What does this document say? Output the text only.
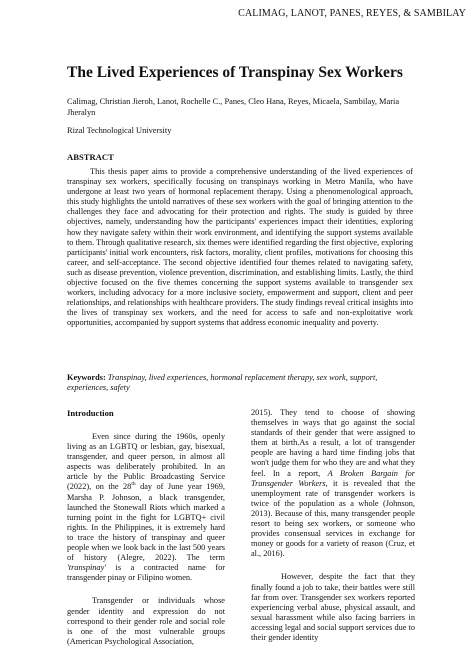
CALIMAG, LANOT, PANES, REYES, & SAMBILAY
The Lived Experiences of Transpinay Sex Workers
Calimag, Christian Jieroh, Lanot, Rochelle C., Panes, Cleo Hana, Reyes, Micaela, Sambilay, Maria Jheralyn
Rizal Technological University
ABSTRACT
This thesis paper aims to provide a comprehensive understanding of the lived experiences of transpinay sex workers, specifically focusing on transpinays working in Metro Manila, who have undergone at least two years of hormonal replacement therapy. Using a phenomenological approach, this study highlights the untold narratives of these sex workers with the goal of bringing attention to the challenges they face and advocating for their protection and rights. The study is guided by three objectives, namely, understanding how the participants' experiences impact their identities, exploring how they navigate safety within their work environment, and identifying the support systems available to them. Through qualitative research, six themes were identified regarding the first objective, exploring participants' initial work encounters, risk factors, morality, client profiles, motivations for choosing this career, and self-acceptance. The second objective identified four themes related to navigating safety, such as disease prevention, violence prevention, discrimination, and establishing limits. Lastly, the third objective focused on the five themes concerning the support systems available to transgender sex workers, including advocacy for a more inclusive society, empowerment and support, client and peer relationships, and relationships with healthcare providers. The study findings reveal critical insights into the lives of transpinay sex workers, and the need for access to safe and non-exploitative work opportunities, accompanied by support systems that address economic inequality and poverty.
Keywords: Transpinay, lived experiences, hormonal replacement therapy, sex work, support, experiences, safety
Introduction

Even since during the 1960s, openly living as an LGBTQ or lesbian, gay, bisexual, transgender, and queer person, in almost all aspects was deliberately prohibited. In an article by the Public Broadcasting Service (2022), on the 28th day of June year 1969, Marsha P. Johnson, a black transgender, launched the Stonewall Riots which marked a turning point in the fight for LGBTQ+ civil rights. In the Philippines, it is extremely hard to trace the history of transpinay and queer people when we look back in the last 500 years of history (Alegre, 2022). The term 'transpinay' is a contracted name for transgender pinay or Filipino women.

Transgender or individuals whose gender identity and expression do not correspond to their gender role and social role is one of the most vulnerable groups (American Psychological Association,

2015). They tend to choose of showing themselves in ways that go against the social standards of their gender that were assigned to them at birth.As a result, a lot of transgender people are having a hard time finding jobs that won't judge them for who they are and what they feel. In a report, A Broken Bargain for Transgender Workers, it is revealed that the unemployment rate of transgender workers is twice of the population as a whole (Johnson, 2013). Because of this, many transgender people resort to being sex workers, or someone who provides consensual services in exchange for money or goods for a variety of reason (Cruz, et al., 2016).

However, despite the fact that they finally found a job to take, their battles were still far from over. Transgender sex workers reported experiencing verbal abuse, physical assault, and sexual harassment while also facing barriers in accessing legal and social support services due to their gender identity
